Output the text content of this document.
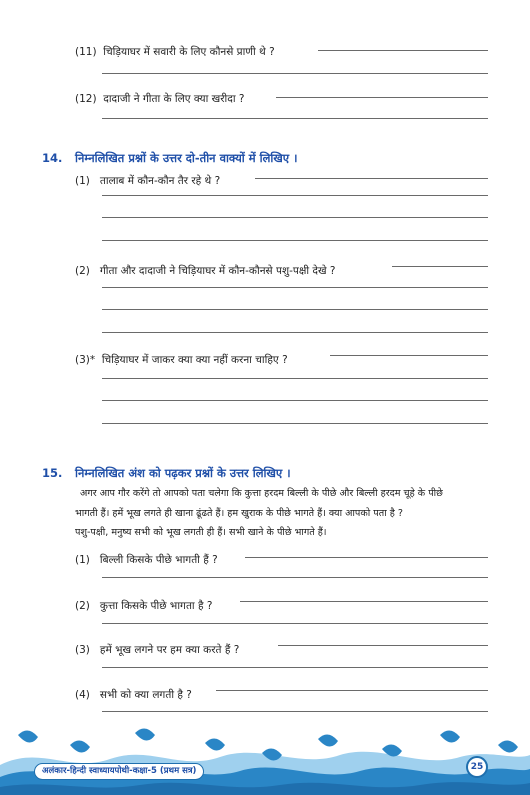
(11) चिड़ियाघर में सवारी के लिए कौनसे प्राणी थे ?
(12) दादाजी ने गीता के लिए क्या खरीदा ?
14. निम्नलिखित प्रश्नों के उत्तर दो-तीन वाक्यों में लिखिए ।
(1) तालाब में कौन-कौन तैर रहे थे ?
(2) गीता और दादाजी ने चिड़ियाघर में कौन-कौनसे पशु-पक्षी देखे ?
(3)* चिड़ियाघर में जाकर क्या क्या नहीं करना चाहिए ?
15. निम्नलिखित अंश को पढ़कर प्रश्नों के उत्तर लिखिए ।
अगर आप गौर करेंगे तो आपको पता चलेगा कि कुत्ता हरदम बिल्ली के पीछे और बिल्ली हरदम चूहे के पीछे
भागती हैं। हमें भूख लगते ही खाना ढूंढते हैं। हम खुराक के पीछे भागते हैं। क्या आपको पता है ?
पशु-पक्षी, मनुष्य सभी को भूख लगती ही हैं। सभी खाने के पीछे भागते हैं।
(1) बिल्ली किसके पीछे भागती हैं ?
(2) कुत्ता किसके पीछे भागता है ?
(3) हमें भूख लगने पर हम क्या करते हैं ?
(4) सभी को क्या लगती है ?
अलंकार-हिन्दी स्वाध्यायपोथी-कक्षा-5 (प्रथम सत्र)	25
